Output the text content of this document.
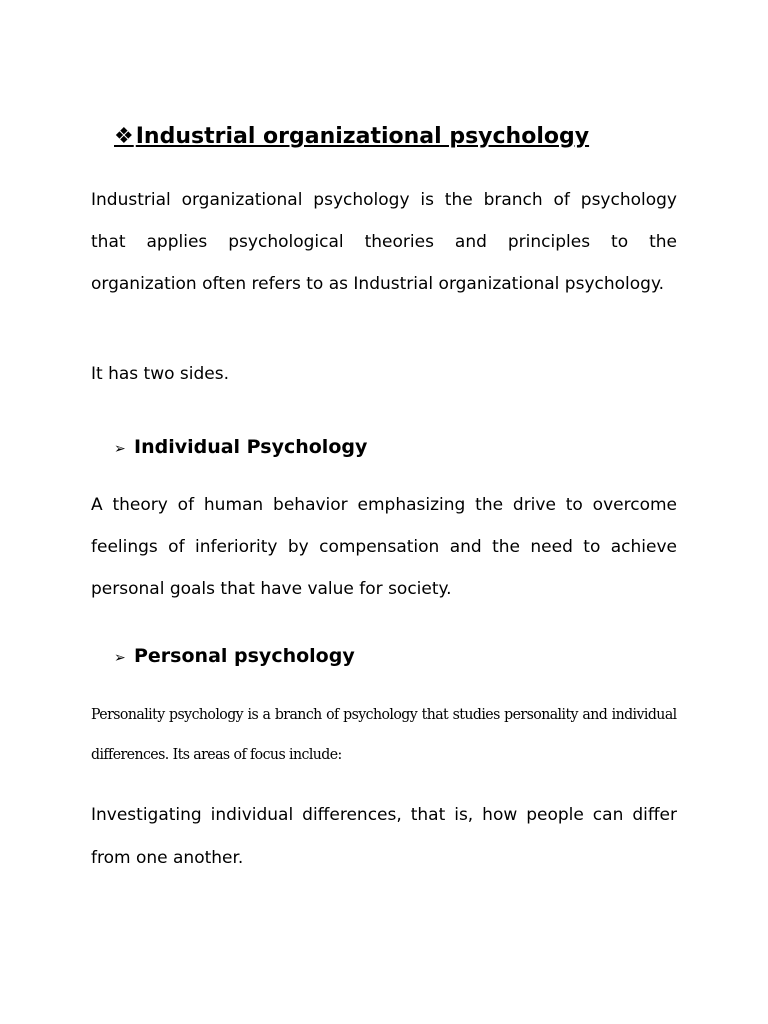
❖Industrial organizational psychology
Industrial organizational psychology is the branch of psychology that applies psychological theories and principles to the organization often refers to as Industrial organizational psychology.
It has two sides.
➢ Individual Psychology
A theory of human behavior emphasizing the drive to overcome feelings of inferiority by compensation and the need to achieve personal goals that have value for society.
➢ Personal psychology
Personality psychology is a branch of psychology that studies personality and individual differences. Its areas of focus include:
Investigating individual differences, that is, how people can differ from one another.
